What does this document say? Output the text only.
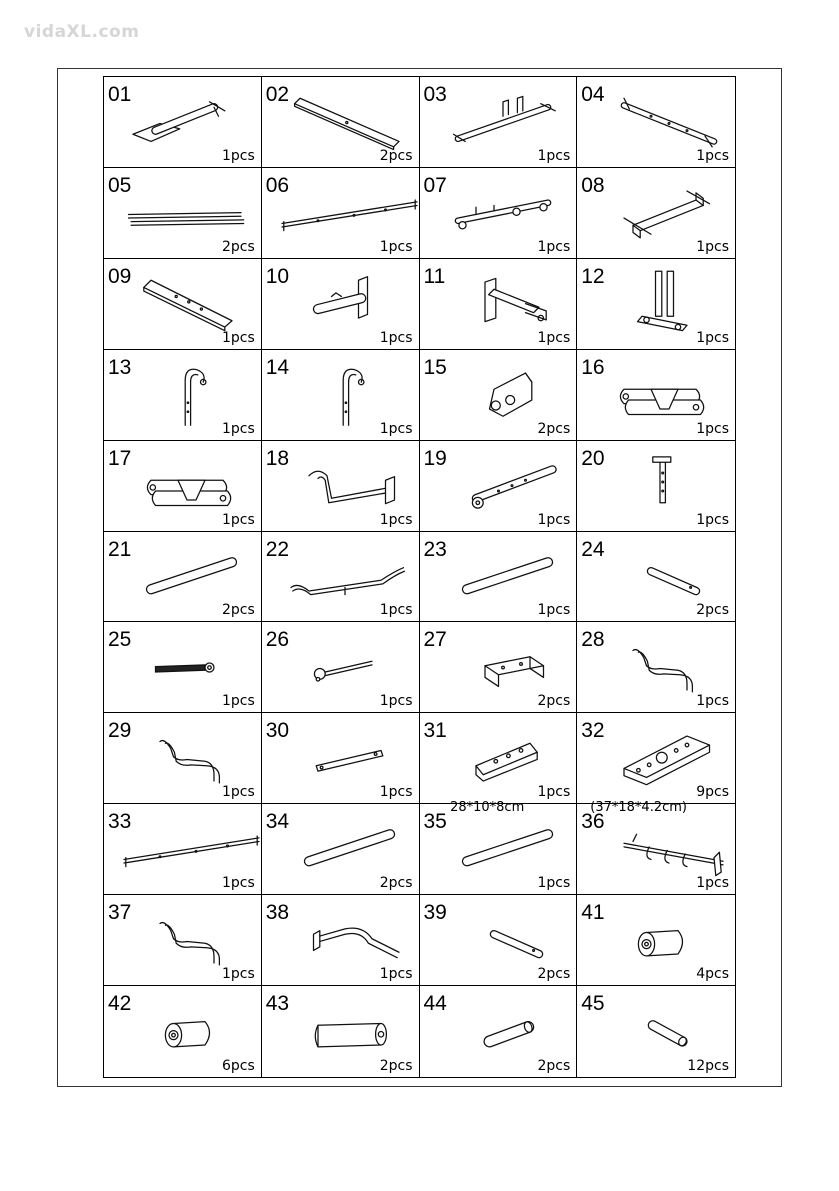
vidaXL.com
01
1pcs
02
2pcs
03
1pcs
04
1pcs
05
2pcs
06
1pcs
07
1pcs
08
1pcs
09
1pcs
10
1pcs
11
1pcs
12
1pcs
13
1pcs
14
1pcs
15
2pcs
16
1pcs
17
1pcs
18
1pcs
19
1pcs
20
1pcs
21
2pcs
22
1pcs
23
1pcs
24
2pcs
25
1pcs
26
1pcs
27
2pcs
28
1pcs
29
1pcs
30
1pcs
31
28*10*8cm
1pcs
32
(37*18*4.2cm)
9pcs
33
1pcs
34
2pcs
35
1pcs
36
1pcs
37
1pcs
38
1pcs
39
2pcs
41
4pcs
42
6pcs
43
2pcs
44
2pcs
45
12pcs
